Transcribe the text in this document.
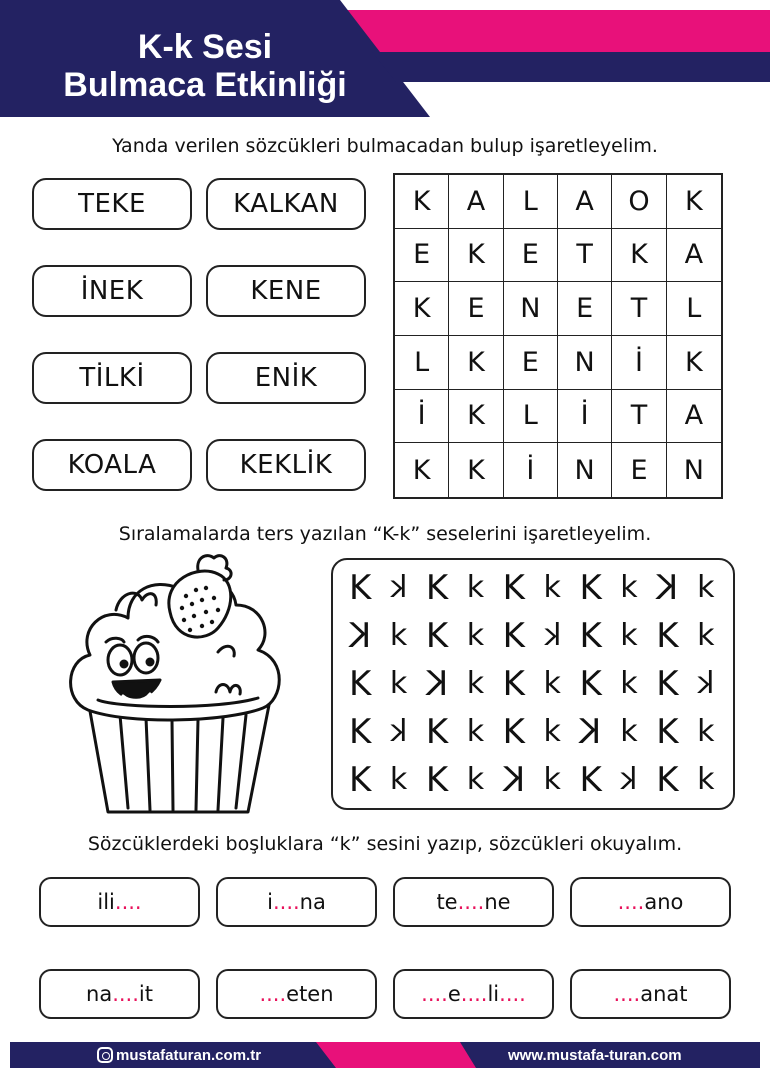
K-k Sesi
Bulmaca Etkinliği
Yanda verilen sözcükleri bulmacadan bulup işaretleyelim.
TEKE	KALKAN
İNEK	KENE
TİLKİ	ENİK
KOALA	KEKLİK
K	A	L	A	O	K
E	K	E	T	K	A
K	E	N	E	T	L
L	K	E	N	İ	K
İ	K	L	İ	T	A
K	K	İ	N	E	N
Sıralamalarda ters yazılan “K-k” seselerini işaretleyelim.
K k K k K k K k K k
K k K k K k K k K k
K k K k K k K k K k
K k K k K k K k K k
K k K k K k K k K k
Sözcüklerdeki boşluklara “k” sesini yazıp, sözcükleri okuyalım.
ili ....	i .... na	te .... ne	.... ano
na .... it	.... eten	.... e .... li ....	.... anat
mustafaturan.com.tr	www.mustafa-turan.com
